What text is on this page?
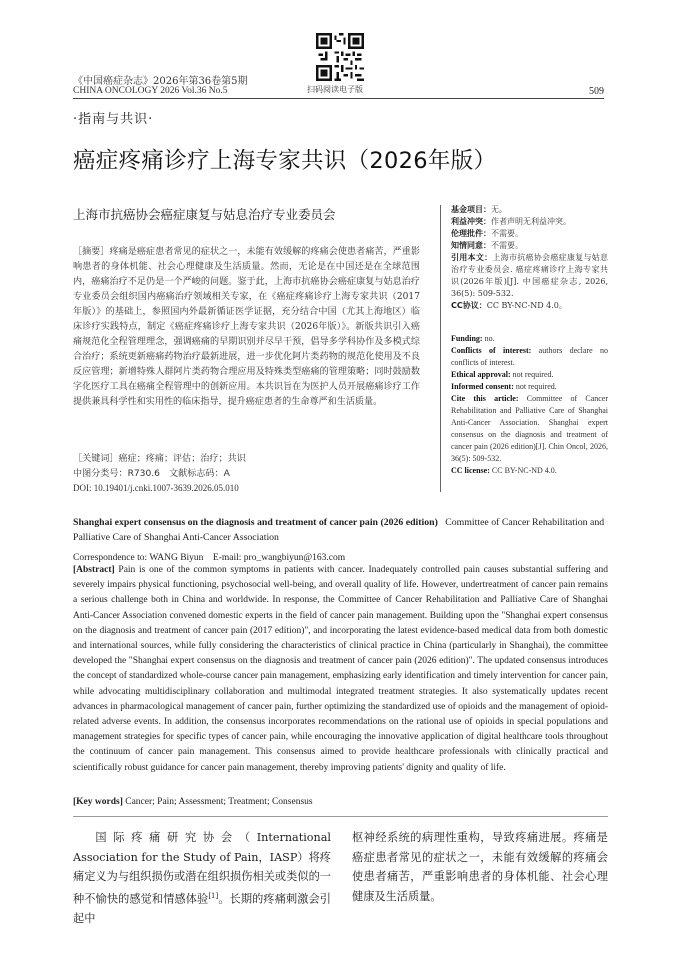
《中国癌症杂志》2026年第36卷第5期
CHINA ONCOLOGY 2026 Vol.36 No.5	扫码阅读电子版	509
·指南与共识·
癌症疼痛诊疗上海专家共识（2026年版）
上海市抗癌协会癌症康复与姑息治疗专业委员会
［摘要］疼痛是癌症患者常见的症状之一，未能有效缓解的疼痛会使患者痛苦，严重影响患者的身体机能、社会心理健康及生活质量。然而，无论是在中国还是在全球范围内，癌痛治疗不足仍是一个严峻的问题。鉴于此，上海市抗癌协会癌症康复与姑息治疗专业委员会组织国内癌痛治疗领域相关专家，在《癌症疼痛诊疗上海专家共识（2017年版）》的基础上，参照国内外最新循证医学证据，充分结合中国（尤其上海地区）临床诊疗实践特点，制定《癌症疼痛诊疗上海专家共识（2026年版）》。新版共识引入癌痛规范化全程管理理念，强调癌痛的早期识别并尽早干预，倡导多学科协作及多模式综合治疗；系统更新癌痛药物治疗最新进展，进一步优化阿片类药物的规范化使用及不良反应管理；新增特殊人群阿片类药物合理应用及特殊类型癌痛的管理策略；同时鼓励数字化医疗工具在癌痛全程管理中的创新应用。本共识旨在为医护人员开展癌痛诊疗工作提供兼具科学性和实用性的临床指导，提升癌症患者的生命尊严和生活质量。
［关键词］癌症；疼痛；评估；治疗；共识
中图分类号：R730.6　文献标志码：A
DOI: 10.19401/j.cnki.1007-3639.2026.05.010
基金项目：无。
利益冲突：作者声明无利益冲突。
伦理批件：不需要。
知情同意：不需要。
引用本文：上海市抗癌协会癌症康复与姑息治疗专业委员会. 癌症疼痛诊疗上海专家共识(2026年版)[J]. 中国癌症杂志, 2026, 36(5): 509-532.
CC协议：CC BY-NC-ND 4.0。
Funding: no.
Conflicts of interest: authors declare no conflicts of interest.
Ethical approval: not required.
Informed consent: not required.
Cite this article: Committee of Cancer Rehabilitation and Palliative Care of Shanghai Anti-Cancer Association. Shanghai expert consensus on the diagnosis and treatment of cancer pain (2026 edition)[J]. Chin Oncol, 2026, 36(5): 509-532.
CC license: CC BY-NC-ND 4.0.
Shanghai expert consensus on the diagnosis and treatment of cancer pain (2026 edition) Committee of Cancer Rehabilitation and Palliative Care of Shanghai Anti-Cancer Association
Correspondence to: WANG Biyun　E-mail: pro_wangbiyun@163.com
[Abstract] Pain is one of the common symptoms in patients with cancer. Inadequately controlled pain causes substantial suffering and severely impairs physical functioning, psychosocial well-being, and overall quality of life. However, undertreatment of cancer pain remains a serious challenge both in China and worldwide. In response, the Committee of Cancer Rehabilitation and Palliative Care of Shanghai Anti-Cancer Association convened domestic experts in the field of cancer pain management. Building upon the "Shanghai expert consensus on the diagnosis and treatment of cancer pain (2017 edition)", and incorporating the latest evidence-based medical data from both domestic and international sources, while fully considering the characteristics of clinical practice in China (particularly in Shanghai), the committee developed the "Shanghai expert consensus on the diagnosis and treatment of cancer pain (2026 edition)". The updated consensus introduces the concept of standardized whole-course cancer pain management, emphasizing early identification and timely intervention for cancer pain, while advocating multidisciplinary collaboration and multimodal integrated treatment strategies. It also systematically updates recent advances in pharmacological management of cancer pain, further optimizing the standardized use of opioids and the management of opioid-related adverse events. In addition, the consensus incorporates recommendations on the rational use of opioids in special populations and management strategies for specific types of cancer pain, while encouraging the innovative application of digital healthcare tools throughout the continuum of cancer pain management. This consensus aimed to provide healthcare professionals with clinically practical and scientifically robust guidance for cancer pain management, thereby improving patients' dignity and quality of life.
[Key words] Cancer; Pain; Assessment; Treatment; Consensus
国际疼痛研究协会（International Association for the Study of Pain，IASP）将疼痛定义为与组织损伤或潜在组织损伤相关或类似的一种不愉快的感觉和情感体验[1]。长期的疼痛刺激会引起中
枢神经系统的病理性重构，导致疼痛进展。疼痛是癌症患者常见的症状之一，未能有效缓解的疼痛会使患者痛苦，严重影响患者的身体机能、社会心理健康及生活质量。
